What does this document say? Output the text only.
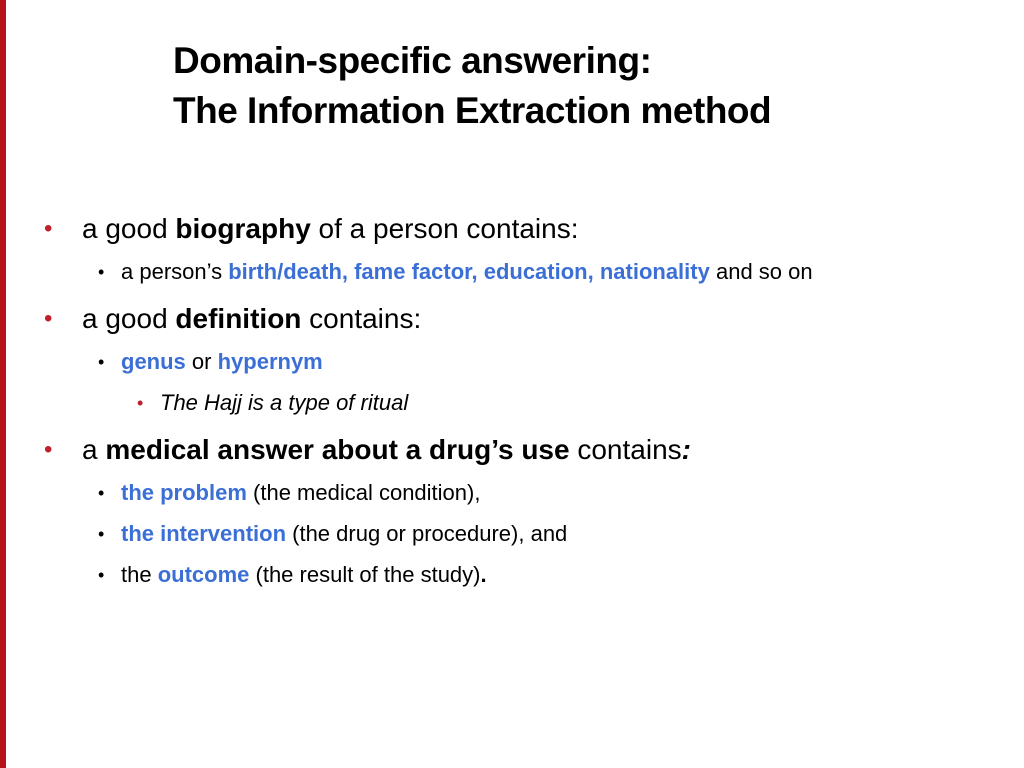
Domain-specific answering:
The Information Extraction method
• a good biography of a person contains:
• a person’s birth/death, fame factor, education, nationality and so on
• a good definition contains:
• genus or hypernym
• The Hajj is a type of ritual
• a medical answer about a drug’s use contains:
• the problem (the medical condition),
• the intervention (the drug or procedure), and
• the outcome (the result of the study).
